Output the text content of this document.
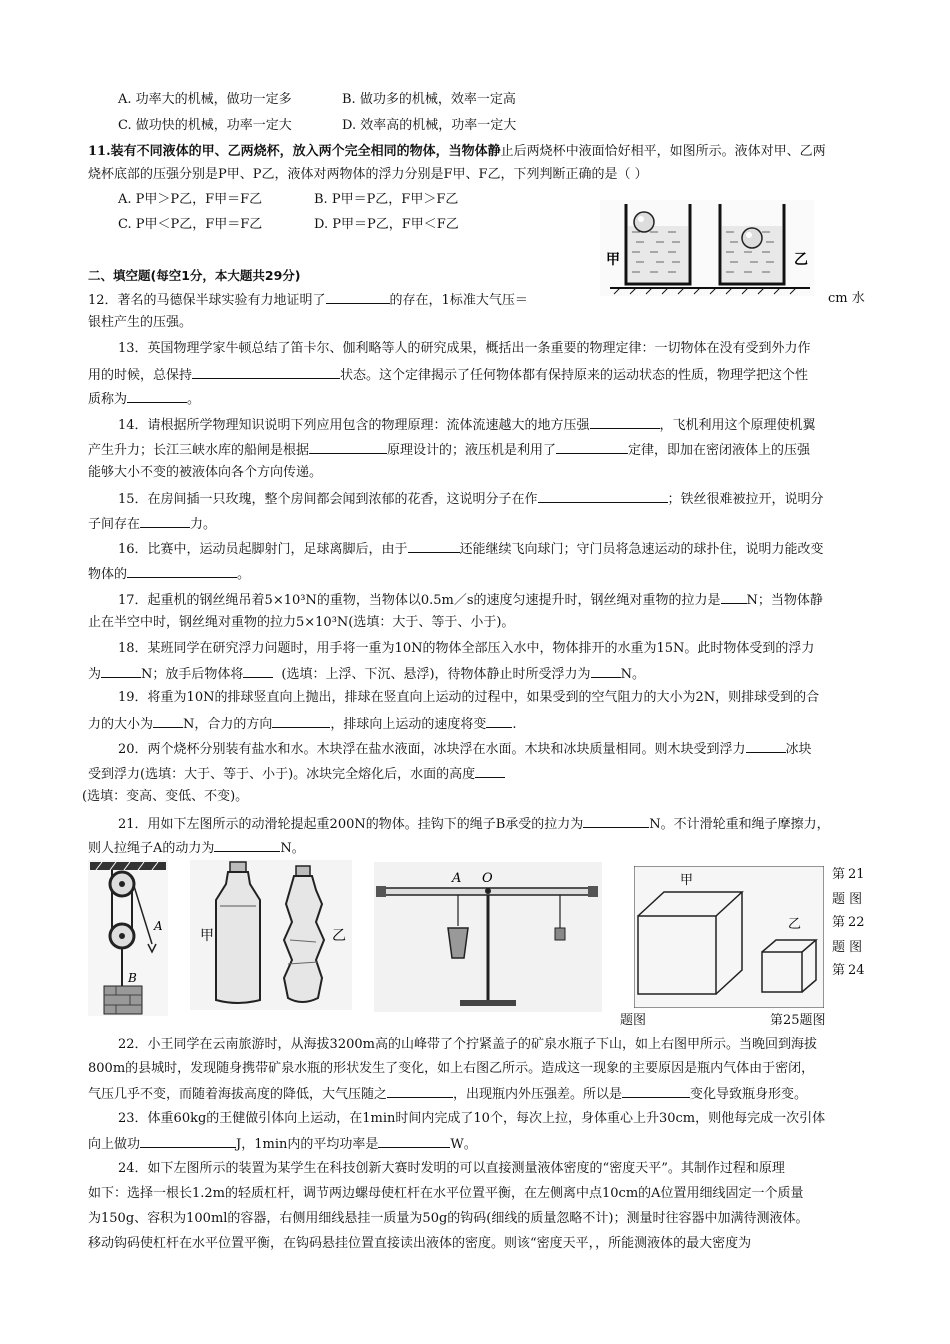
A. 功率大的机械，做功一定多	B. 做功多的机械，效率一定高
C. 做功快的机械，功率一定大	D. 效率高的机械，功率一定大
11.装有不同液体的甲、乙两烧杯，放入两个完全相同的物体，当物体静止后两烧杯中液面恰好相平，如图所示。液体对甲、乙两
烧杯底部的压强分别是P甲、P乙，液体对两物体的浮力分别是F甲、F乙，下列判断正确的是（ ）
A. P甲＞P乙，F甲＝F乙	B. P甲＝P乙，F甲＞F乙
C. P甲＜P乙，F甲＝F乙	D. P甲＝P乙，F甲＜F乙
甲	乙
二、填空题(每空1分，本大题共29分)
12．著名的马德保半球实验有力地证明了	的存在，1标准大气压＝	cm 水
银柱产生的压强。
13．英国物理学家牛顿总结了笛卡尔、伽利略等人的研究成果，概括出一条重要的物理定律：一切物体在没有受到外力作
用的时候，总保持	状态。这个定律揭示了任何物体都有保持原来的运动状态的性质，物理学把这个性
质称为	。
14．请根据所学物理知识说明下列应用包含的物理原理：流体流速越大的地方压强	，飞机利用这个原理使机翼
产生升力；长江三峡水库的船闸是根据	原理设计的；液压机是利用了	定律，即加在密闭液体上的压强
能够大小不变的被液体向各个方向传递。
15．在房间插一只玫瑰，整个房间都会闻到浓郁的花香，这说明分子在作	；铁丝很难被拉开，说明分
子间存在	力。
16．比赛中，运动员起脚射门，足球离脚后，由于	还能继续飞向球门；守门员将急速运动的球扑住，说明力能改变
物体的	。
17．起重机的钢丝绳吊着5×10³N的重物，当物体以0.5m／s的速度匀速提升时，钢丝绳对重物的拉力是 N；当物体静
止在半空中时，钢丝绳对重物的拉力5×10³N(选填：大于、等于、小于)。
18．某班同学在研究浮力问题时，用手将一重为10N的物体全部压入水中，物体排开的水重为15N。此时物体受到的浮力
为	N；放手后物体将	(选填：上浮、下沉、悬浮)，待物体静止时所受浮力为 N。
19．将重为10N的排球竖直向上抛出，排球在竖直向上运动的过程中，如果受到的空气阻力的大小为2N，则排球受到的合
力的大小为 N，合力的方向	，排球向上运动的速度将变 .
20．两个烧杯分别装有盐水和水。木块浮在盐水液面，冰块浮在水面。木块和冰块质量相同。则木块受到浮力	冰块
受到浮力(选填：大于、等于、小于)。冰块完全熔化后，水面的高度
(选填：变高、变低、不变)。
21．用如下左图所示的动滑轮提起重200N的物体。挂钩下的绳子B承受的拉力为	N。不计滑轮重和绳子摩擦力，
则人拉绳子A的动力为	N。
A
B
甲	乙
A O	甲
乙
第 21
题 图
第 22
题 图
第 24
题图	第25题图
22．小王同学在云南旅游时，从海拔3200m高的山峰带了个拧紧盖子的矿泉水瓶子下山，如上右图甲所示。当晚回到海拔
800m的县城时，发现随身携带矿泉水瓶的形状发生了变化，如上右图乙所示。造成这一现象的主要原因是瓶内气体由于密闭，
气压几乎不变，而随着海拔高度的降低，大气压随之	，出现瓶内外压强差。所以是	变化导致瓶身形变。
23．体重60kg的王健做引体向上运动，在1min时间内完成了10个，每次上拉，身体重心上升30cm，则他每完成一次引体
向上做功	J，1min内的平均功率是	W。
24．如下左图所示的装置为某学生在科技创新大赛时发明的可以直接测量液体密度的“密度天平”。其制作过程和原理
如下：选择一根长1.2m的轻质杠杆，调节两边螺母使杠杆在水平位置平衡，在左侧离中点10cm的A位置用细线固定一个质量
为150g、容积为100ml的容器，右侧用细线悬挂一质量为50g的钩码(细线的质量忽略不计)；测量时往容器中加满待测液体。
移动钩码使杠杆在水平位置平衡，在钩码悬挂位置直接读出液体的密度。则该“密度天平，，所能测液体的最大密度为
